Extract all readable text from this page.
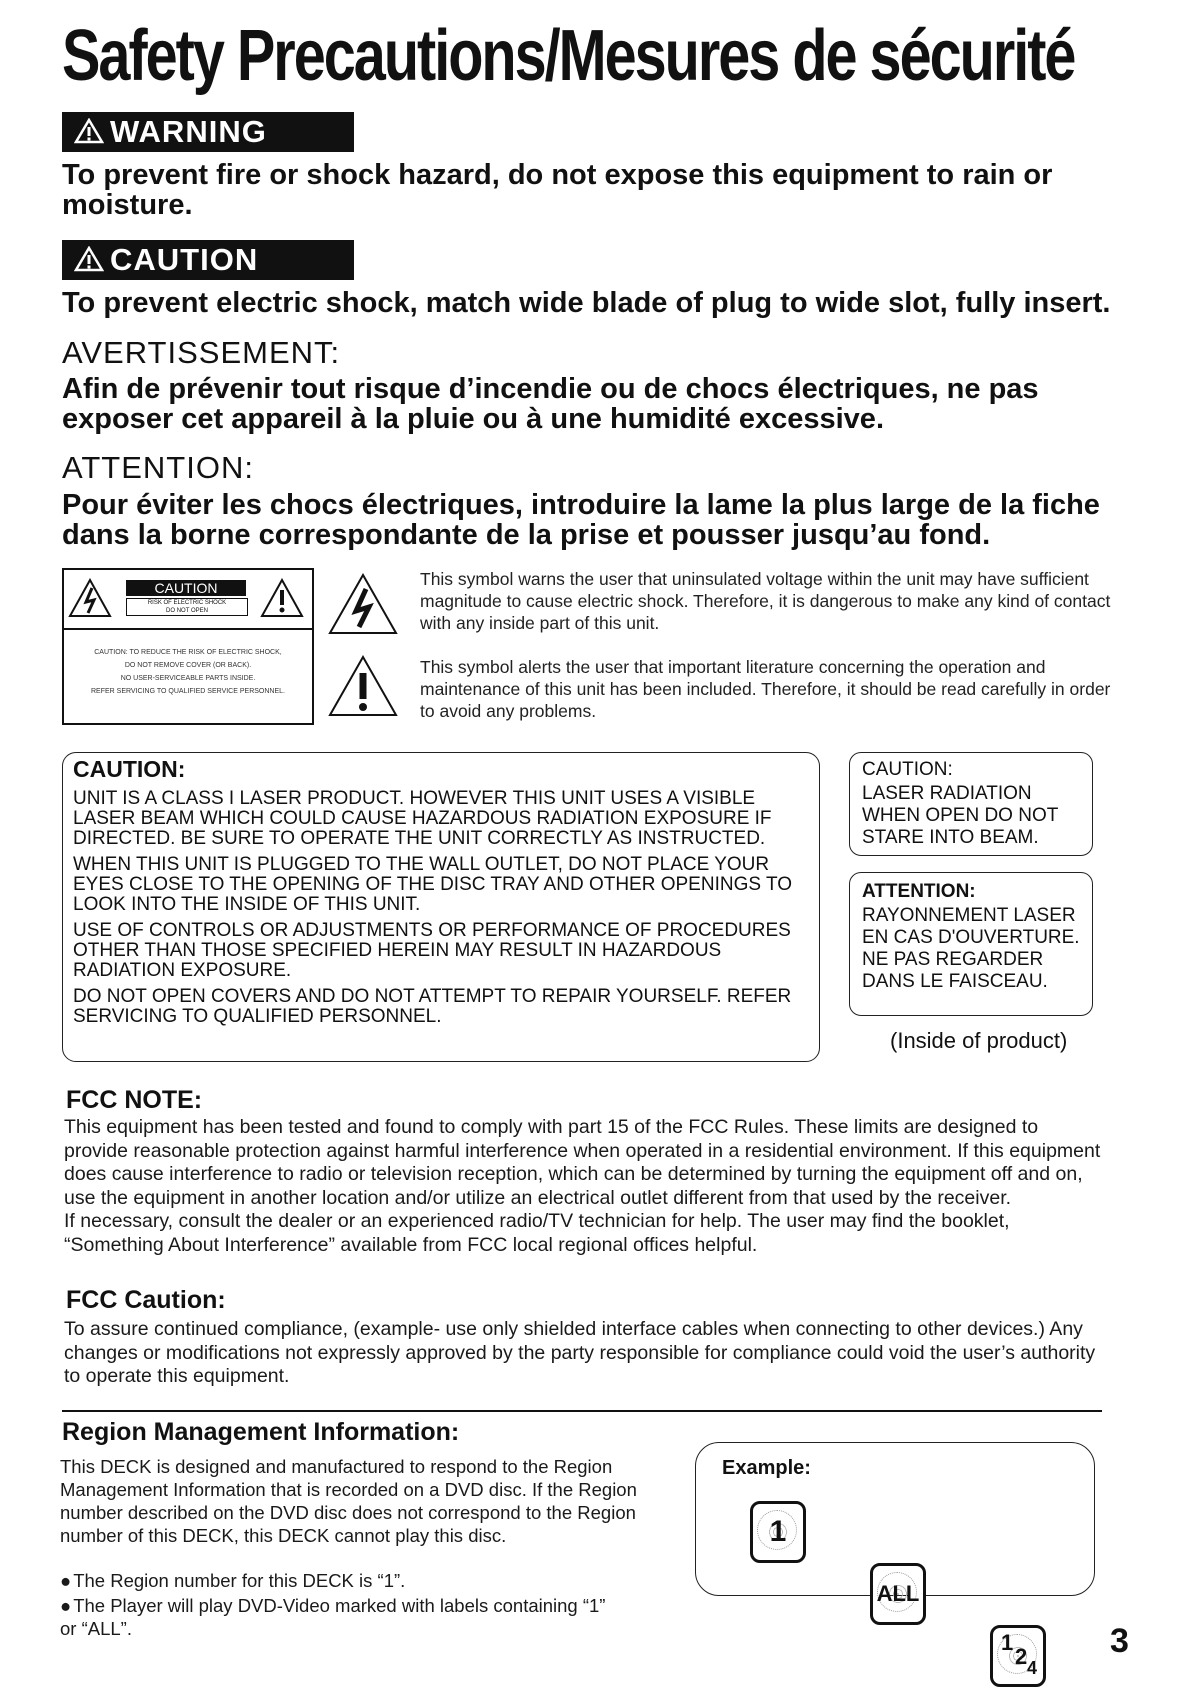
Safety Precautions/Mesures de sécurité
WARNING
To prevent fire or shock hazard, do not expose this equipment to rain or moisture.
CAUTION
To prevent electric shock, match wide blade of plug to wide slot, fully insert.
AVERTISSEMENT:
Afin de prévenir tout risque d’incendie ou de chocs électriques, ne pas exposer cet appareil à la pluie ou à une humidité excessive.
ATTENTION:
Pour éviter les chocs électriques, introduire la lame la plus large de la fiche dans la borne correspondante de la prise et pousser jusqu’au fond.
CAUTION
RISK OF ELECTRIC SHOCK
DO NOT OPEN
CAUTION: TO REDUCE THE RISK OF ELECTRIC SHOCK,
DO NOT REMOVE COVER (OR BACK).
NO USER-SERVICEABLE PARTS INSIDE.
REFER SERVICING TO QUALIFIED SERVICE PERSONNEL.
This symbol warns the user that uninsulated voltage within the unit may have sufficient magnitude to cause electric shock. Therefore, it is dangerous to make any kind of contact with any inside part of this unit.
This symbol alerts the user that important literature concerning the operation and maintenance of this unit has been included. Therefore, it should be read carefully in order to avoid any problems.
CAUTION:

UNIT IS A CLASS I LASER PRODUCT. HOWEVER THIS UNIT USES A VISIBLE LASER BEAM WHICH COULD CAUSE HAZARDOUS RADIATION EXPOSURE IF DIRECTED. BE SURE TO OPERATE THE UNIT CORRECTLY AS INSTRUCTED.

WHEN THIS UNIT IS PLUGGED TO THE WALL OUTLET, DO NOT PLACE YOUR EYES CLOSE TO THE OPENING OF THE DISC TRAY AND OTHER OPENINGS TO LOOK INTO THE INSIDE OF THIS UNIT.

USE OF CONTROLS OR ADJUSTMENTS OR PERFORMANCE OF PROCEDURES OTHER THAN THOSE SPECIFIED HEREIN MAY RESULT IN HAZARDOUS RADIATION EXPOSURE.

DO NOT OPEN COVERS AND DO NOT ATTEMPT TO REPAIR YOURSELF. REFER SERVICING TO QUALIFIED PERSONNEL.

CAUTION:
LASER RADIATION WHEN OPEN DO NOT STARE INTO BEAM.
ATTENTION:
RAYONNEMENT LASER EN CAS D'OUVERTURE. NE PAS REGARDER DANS LE FAISCEAU.
(Inside of product)
FCC NOTE:

This equipment has been tested and found to comply with part 15 of the FCC Rules. These limits are designed to provide reasonable protection against harmful interference when operated in a residential environment. If this equipment does cause interference to radio or television reception, which can be determined by turning the equipment off and on, use the equipment in another location and/or utilize an electrical outlet different from that used by the receiver.

If necessary, consult the dealer or an experienced radio/TV technician for help. The user may find the booklet, “Something About Interference” available from FCC local regional offices helpful.

FCC Caution:
To assure continued compliance, (example- use only shielded interface cables when connecting to other devices.) Any changes or modifications not expressly approved by the party responsible for compliance could void the user’s authority to operate this equipment.
Region Management Information:
This DECK is designed and manufactured to respond to the Region Management Information that is recorded on a DVD disc. If the Region number described on the DVD disc does not correspond to the Region number of this DECK, this DECK cannot play this disc.
● The Region number for this DECK is “1”.
● The Player will play DVD-Video marked with labels containing “1” or “ALL”.
Example:
1
ALL
1
2 4
3
